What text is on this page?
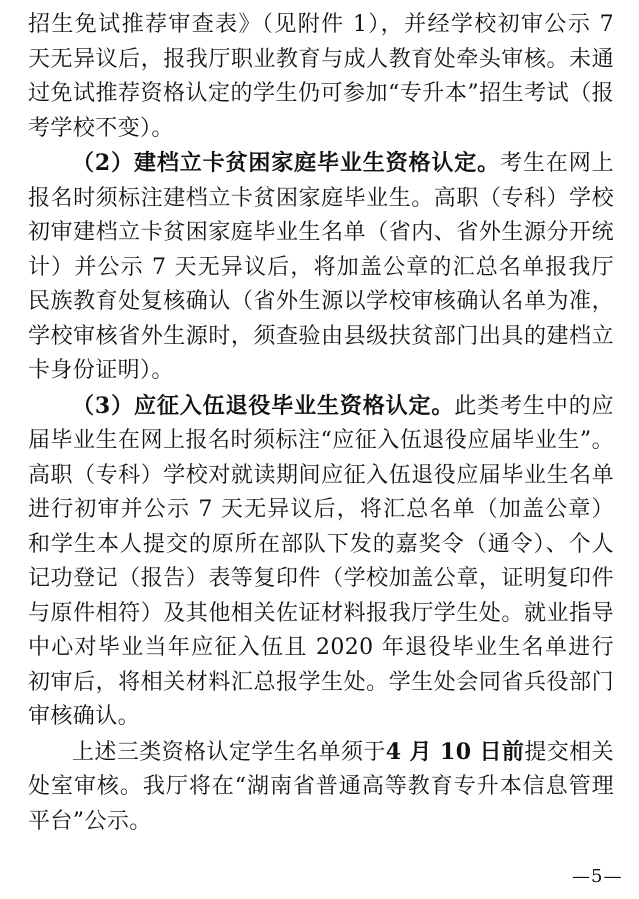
招生免试推荐审查表》（见附件 1），并经学校初审公示 7 天无异议后，报我厅职业教育与成人教育处牵头审核。未通过免试推荐资格认定的学生仍可参加“专升本”招生考试（报考学校不变）。

（2）建档立卡贫困家庭毕业生资格认定。考生在网上报名时须标注建档立卡贫困家庭毕业生。高职（专科）学校初审建档立卡贫困家庭毕业生名单（省内、省外生源分开统计）并公示 7 天无异议后，将加盖公章的汇总名单报我厅民族教育处复核确认（省外生源以学校审核确认名单为准，学校审核省外生源时，须查验由县级扶贫部门出具的建档立卡身份证明）。

（3）应征入伍退役毕业生资格认定。此类考生中的应届毕业生在网上报名时须标注“应征入伍退役应届毕业生”。高职（专科）学校对就读期间应征入伍退役应届毕业生名单进行初审并公示 7 天无异议后，将汇总名单（加盖公章）和学生本人提交的原所在部队下发的嘉奖令（通令）、个人记功登记（报告）表等复印件（学校加盖公章，证明复印件与原件相符）及其他相关佐证材料报我厅学生处。就业指导中心对毕业当年应征入伍且 2020 年退役毕业生名单进行初审后，将相关材料汇总报学生处。学生处会同省兵役部门审核确认。

上述三类资格认定学生名单须于4 月 10 日前提交相关处室审核。我厅将在“湖南省普通高等教育专升本信息管理平台”公示。

—5—
